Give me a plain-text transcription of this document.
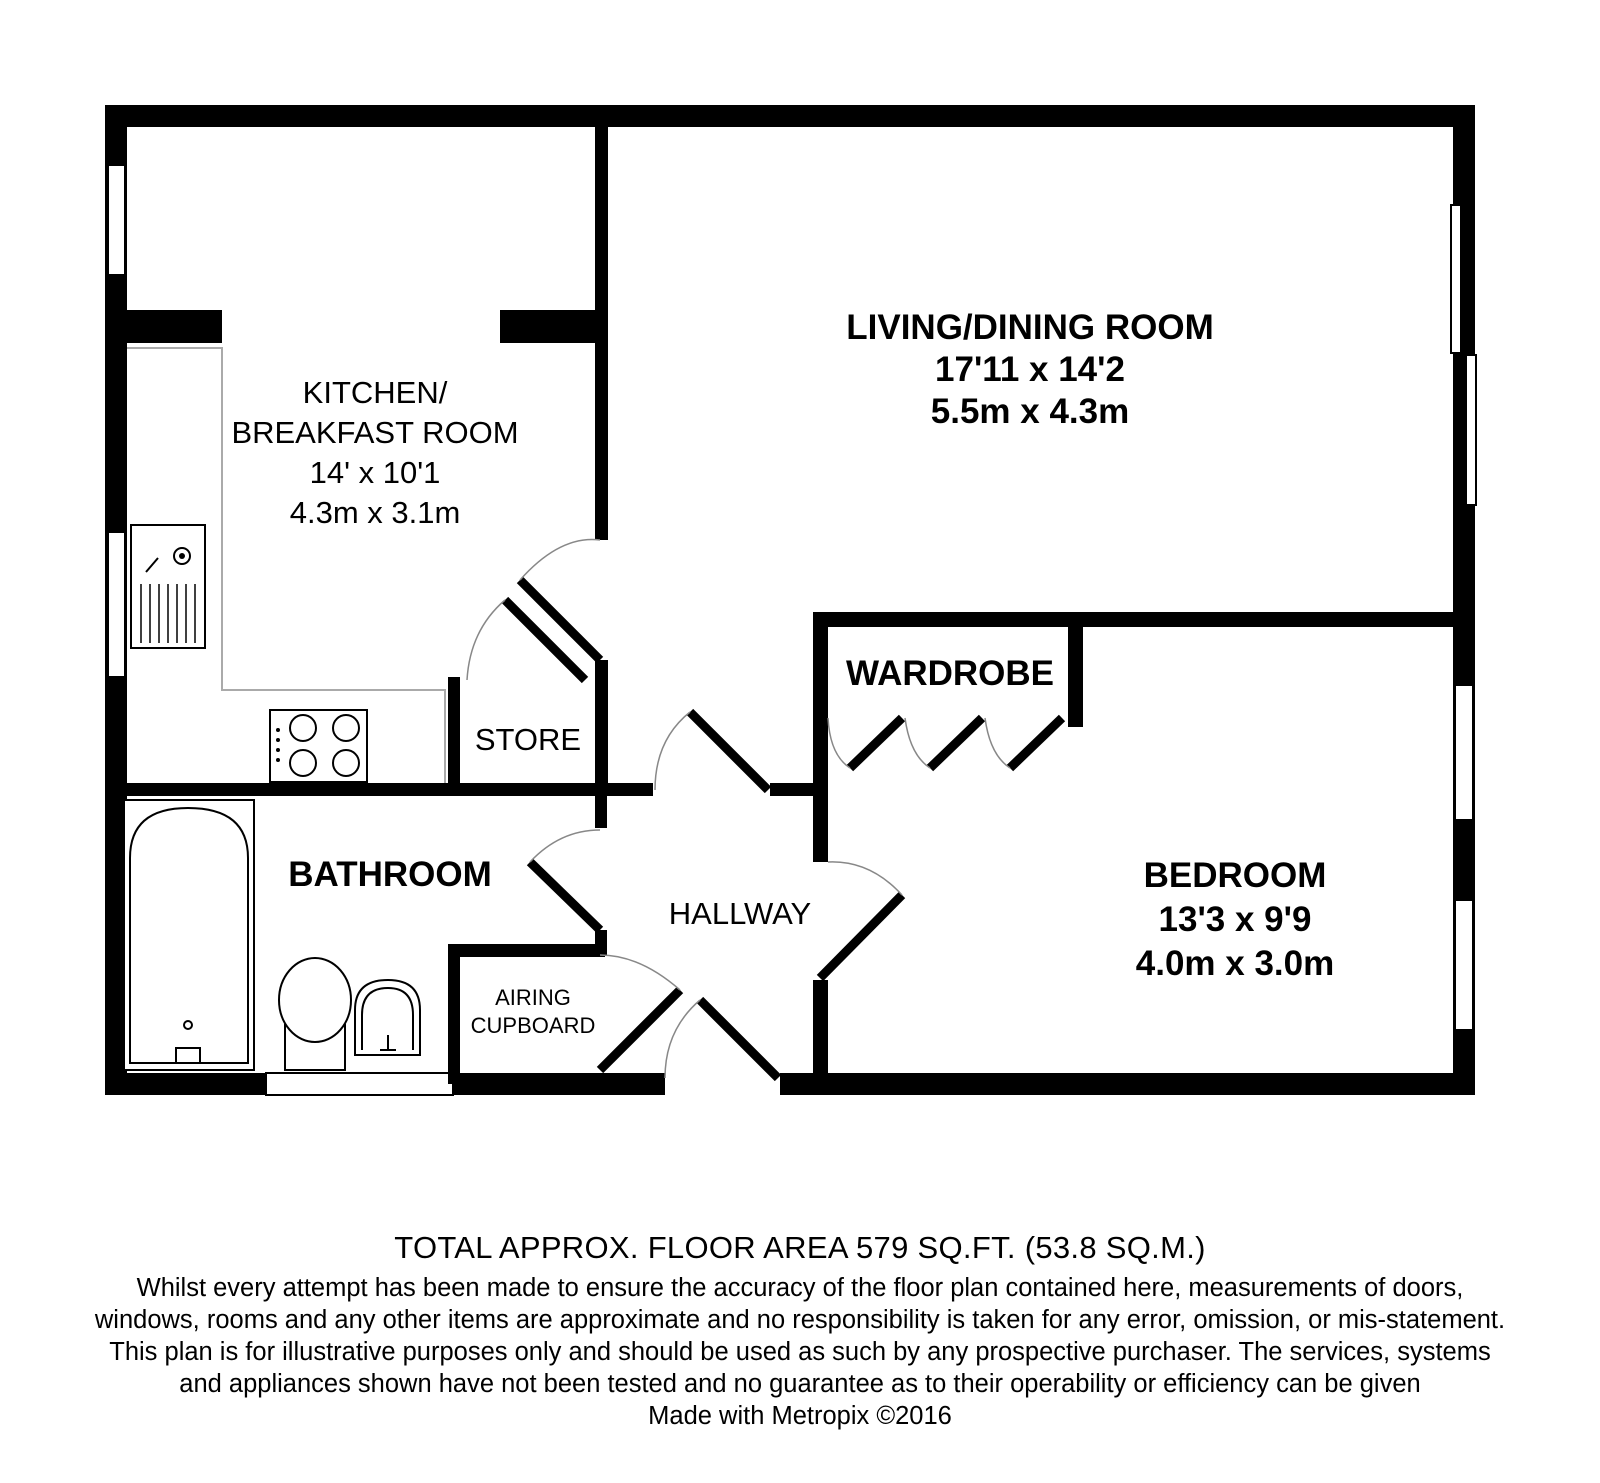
KITCHEN/
BREAKFAST ROOM
14' x 10'1
4.3m x 3.1m
LIVING/DINING ROOM
17'11 x 14'2
5.5m x 4.3m
WARDROBE
STORE
BATHROOM
HALLWAY
AIRING
CUPBOARD
BEDROOM
13'3 x 9'9
4.0m x 3.0m
TOTAL APPROX. FLOOR AREA 579 SQ.FT. (53.8 SQ.M.)
Whilst every attempt has been made to ensure the accuracy of the floor plan contained here, measurements of doors, windows, rooms and any other items are approximate and no responsibility is taken for any error, omission, or mis-statement. This plan is for illustrative purposes only and should be used as such by any prospective purchaser. The services, systems and appliances shown have not been tested and no guarantee as to their operability or efficiency can be given
Made with Metropix ©2016
